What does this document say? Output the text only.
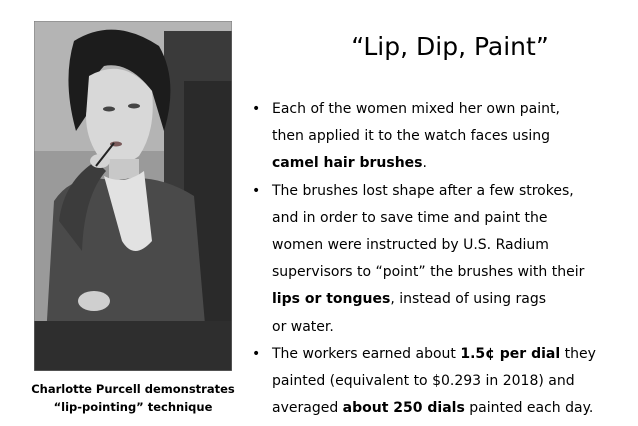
Charlotte Purcell demonstrates
“lip-pointing” technique
“Lip, Dip, Paint”
• Each of the women mixed her own paint,
then applied it to the watch faces using
camel hair brushes.
• The brushes lost shape after a few strokes,
and in order to save time and paint the
women were instructed by U.S. Radium
supervisors to “point” the brushes with their
lips or tongues, instead of using rags
or water.
• The workers earned about 1.5¢ per dial they
painted (equivalent to $0.293 in 2018) and
averaged about 250 dials painted each day.
